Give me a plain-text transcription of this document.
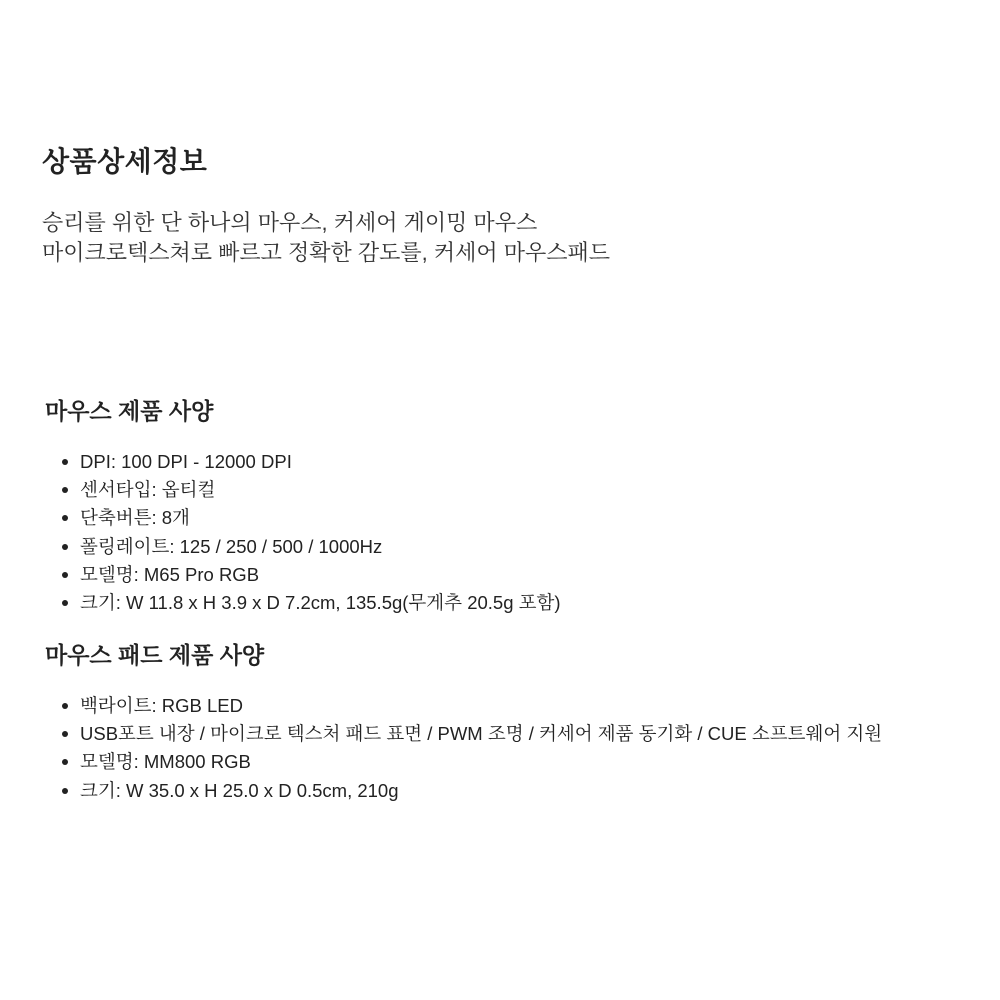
상품상세정보

승리를 위한 단 하나의 마우스, 커세어 게이밍 마우스

마이크로텍스쳐로 빠르고 정확한 감도를, 커세어 마우스패드

마우스 제품 사양
DPI: 100 DPI - 12000 DPI
센서타입: 옵티컬
단축버튼: 8개
폴링레이트: 125 / 250 / 500 / 1000Hz
모델명: M65 Pro RGB
크기: W 11.8 x H 3.9 x D 7.2cm, 135.5g(무게추 20.5g 포함)
마우스 패드 제품 사양
백라이트: RGB LED
USB포트 내장 / 마이크로 텍스처 패드 표면 / PWM 조명 / 커세어 제품 동기화 / CUE 소프트웨어 지원
모델명: MM800 RGB
크기: W 35.0 x H 25.0 x D 0.5cm, 210g
